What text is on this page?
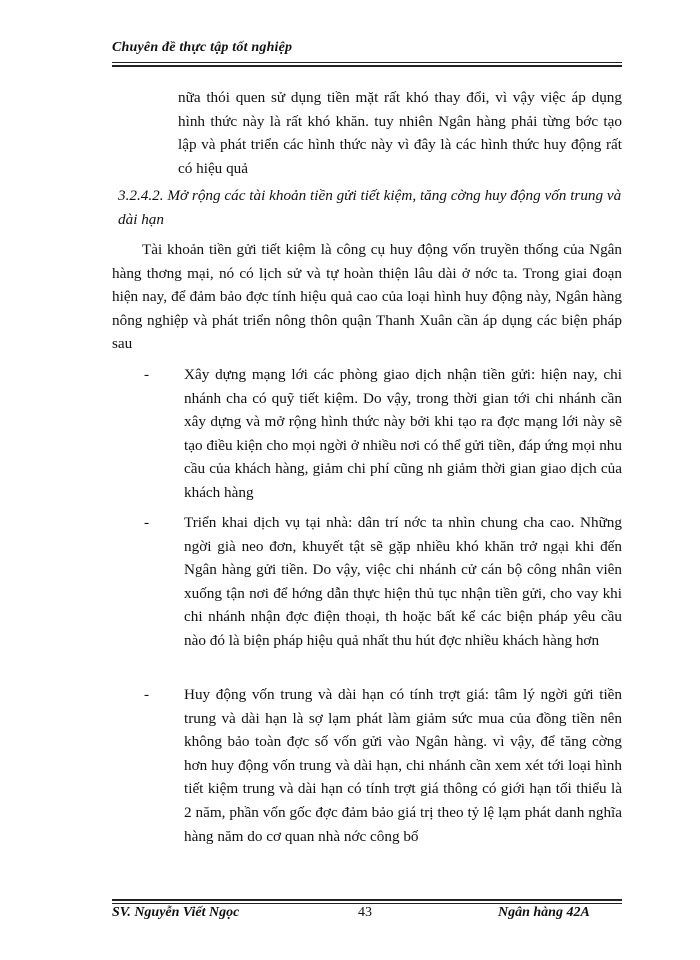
Chuyên đề thực tập tốt nghiệp
nữa thói quen sử dụng tiền mặt rất khó thay đổi, vì vậy việc áp dụng hình thức này là rất khó khăn. tuy nhiên Ngân hàng phải từng bớc tạo lập và phát triển các hình thức này vì đây là các hình thức huy động rất có hiệu quả
3.2.4.2. Mở rộng các tài khoản tiền gửi tiết kiệm, tăng cờng huy động vốn trung và dài hạn
Tài khoản tiền gửi tiết kiệm là công cụ huy động vốn truyền thống của Ngân hàng thơng mại, nó có lịch sử và tự hoàn thiện lâu dài ở nớc ta. Trong giai đoạn hiện nay, để đảm bảo đợc tính hiệu quả cao của loại hình huy động này, Ngân hàng nông nghiệp và phát triển nông thôn quận Thanh Xuân cần áp dụng các biện pháp sau
- Xây dựng mạng lới các phòng giao dịch nhận tiền gửi: hiện nay, chi nhánh cha có quỹ tiết kiệm. Do vậy, trong thời gian tới chi nhánh cần xây dựng và mở rộng hình thức này bởi khi tạo ra đợc mạng lới này sẽ tạo điều kiện cho mọi ngời ở nhiều nơi có thể gửi tiền, đáp ứng mọi nhu cầu của khách hàng, giảm chi phí cũng nh giảm thời gian giao dịch của khách hàng
- Triển khai dịch vụ tại nhà: dân trí nớc ta nhìn chung cha cao. Những ngời già neo đơn, khuyết tật sẽ gặp nhiều khó khăn trở ngại khi đến Ngân hàng gửi tiền. Do vậy, việc chi nhánh cử cán bộ công nhân viên xuống tận nơi để hớng dẫn thực hiện thủ tục nhận tiền gửi, cho vay khi chi nhánh nhận đợc điện thoại, th hoặc bất kể các biện pháp yêu cầu nào đó là biện pháp hiệu quả nhất thu hút đợc nhiều khách hàng hơn
- Huy động vốn trung và dài hạn có tính trợt giá: tâm lý ngời gửi tiền trung và dài hạn là sợ lạm phát làm giảm sức mua của đồng tiền nên không bảo toàn đợc số vốn gửi vào Ngân hàng. vì vậy, để tăng cờng hơn huy động vốn trung và dài hạn, chi nhánh cần xem xét tới loại hình tiết kiệm trung và dài hạn có tính trợt giá thông có giới hạn tối thiểu là 2 năm, phần vốn gốc đợc đảm bảo giá trị theo tỷ lệ lạm phát danh nghĩa hàng năm do cơ quan nhà nớc công bố
SV. Nguyễn Viết Ngọc	43	Ngân hàng 42A
